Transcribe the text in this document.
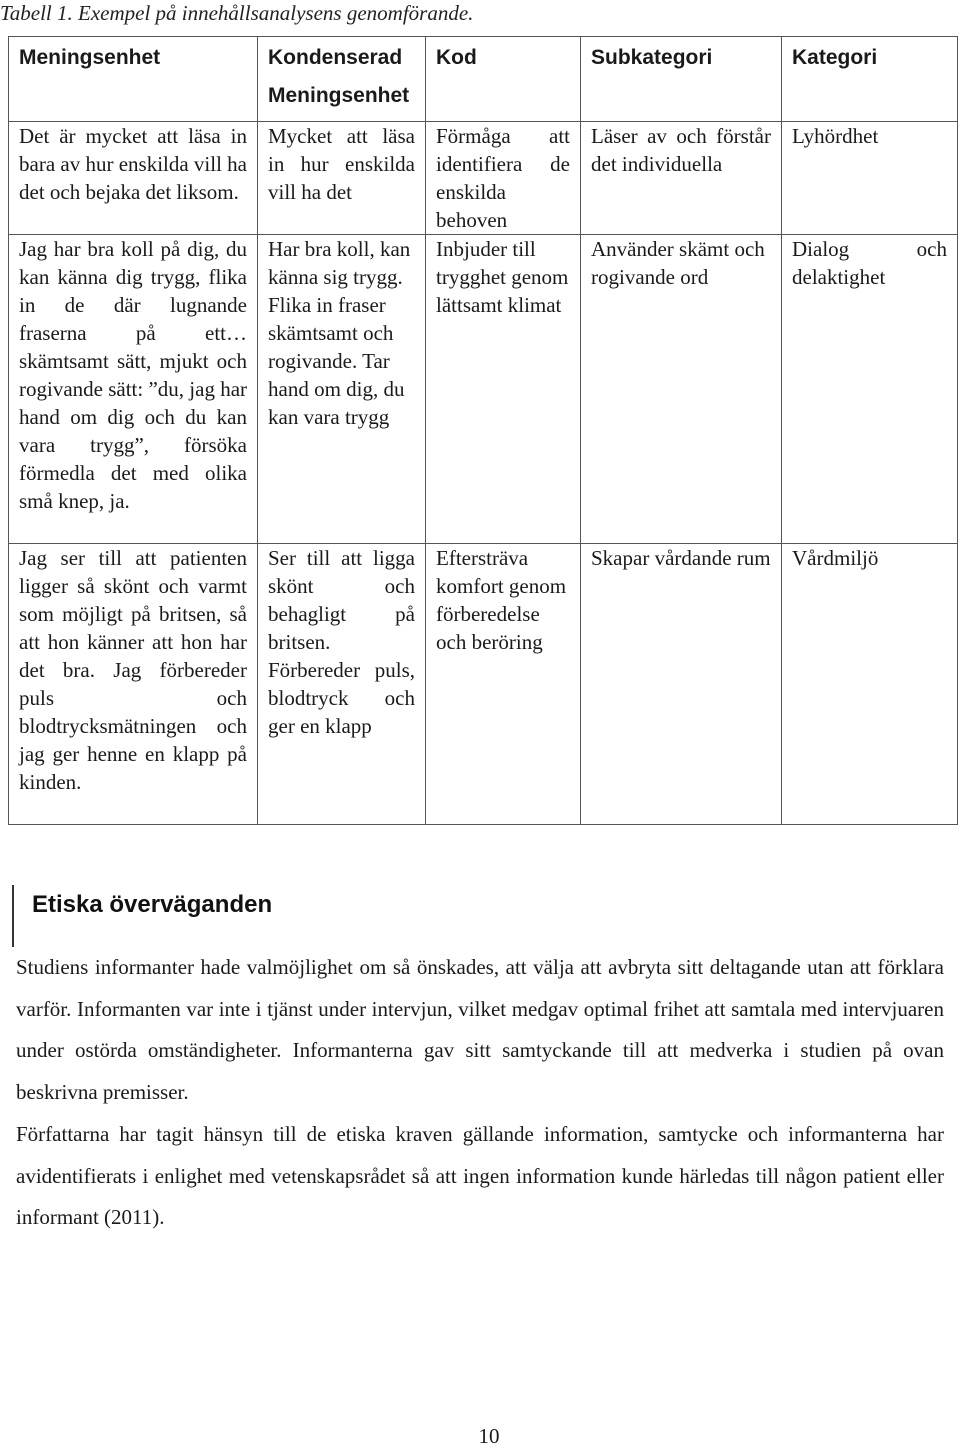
Tabell 1. Exempel på innehållsanalysens genomförande.
Meningsenhet	Kondenserad Meningsenhet	Kod	Subkategori	Kategori
Det är mycket att läsa in bara av hur enskilda vill ha det och bejaka det liksom.	Mycket att läsa in hur enskilda vill ha det	Förmåga att identifiera de enskilda behoven	Läser av och förstår det individuella	Lyhördhet
Jag har bra koll på dig, du kan känna dig trygg, flika in de där lugnande fraserna på ett… skämtsamt sätt, mjukt och rogivande sätt: ”du, jag har hand om dig och du kan vara trygg”, försöka förmedla det med olika små knep, ja.	Har bra koll, kan känna sig trygg. Flika in fraser skämtsamt och rogivande. Tar hand om dig, du kan vara trygg	Inbjuder till trygghet genom lättsamt klimat	Använder skämt och rogivande ord	Dialog och delaktighet
Jag ser till att patienten ligger så skönt och varmt som möjligt på britsen, så att hon känner att hon har det bra. Jag förbereder puls och blodtrycksmätningen och jag ger henne en klapp på kinden.	Ser till att ligga skönt och behagligt på britsen. Förbereder puls, blodtryck och ger en klapp	Eftersträva komfort genom förberedelse och beröring	Skapar vårdande rum	Vårdmiljö
Etiska överväganden

Studiens informanter hade valmöjlighet om så önskades, att välja att avbryta sitt deltagande utan att förklara varför. Informanten var inte i tjänst under intervjun, vilket medgav optimal frihet att samtala med intervjuaren under ostörda omständigheter. Informanterna gav sitt samtyckande till att medverka i studien på ovan beskrivna premisser.

Författarna har tagit hänsyn till de etiska kraven gällande information, samtycke och informanterna har avidentifierats i enlighet med vetenskapsrådet så att ingen information kunde härledas till någon patient eller informant (2011).

10
